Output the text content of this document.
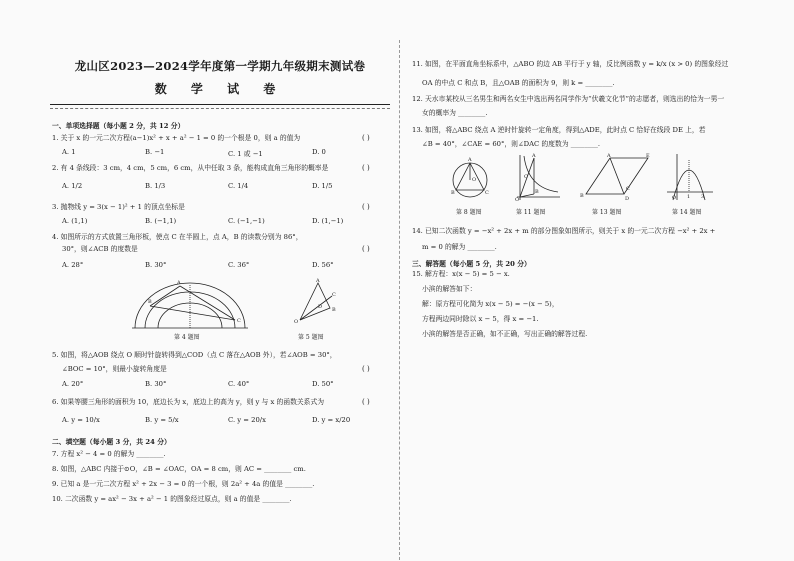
龙山区2023—2024学年度第一学期九年级期末测试卷
数 学 试 卷
一、单项选择题（每小题 2 分，共 12 分）
1. 关于 x 的一元二次方程(a−1)x² + x + a² − 1 = 0 的一个根是 0，则 a 的值为	( )
A. 1	B. −1	C. 1 或 −1	D. 0
2. 有 4 条线段：3 cm，4 cm，5 cm，6 cm，从中任取 3 条，能构成直角三角形的概率是	( )
A. 1/2	B. 1/3	C. 1/4	D. 1/5
3. 抛物线 y = 3(x − 1)² + 1 的顶点坐标是	( )
A. (1,1)	B. (−1,1)	C. (−1,−1)	D. (1,−1)
4. 如图所示的方式放置三角形板，使点 C 在半圆上，点 A，B 的读数分别为 86°，
30°，则∠ACB 的度数是	( )
A. 28°	B. 30°	C. 36°	D. 56°
A
B
C
第 4 题图
A
C
B
O
D
第 5 题图
5. 如图，将△AOB 绕点 O 顺时针旋转得到△COD（点 C 落在△AOB 外），若∠AOB = 30°，
∠BOC = 10°，则最小旋转角度是	( )
A. 20°	B. 30°	C. 40°	D. 50°
6. 如果等腰三角形的面积为 10，底边长为 x，底边上的高为 y，则 y 与 x 的函数关系式为	( )
A. y = 10/x	B. y = 5/x	C. y = 20/x	D. y = x/20
二、填空题（每小题 3 分，共 24 分）
7. 方程 x² − 4 = 0 的解为 ________.
8. 如图，△ABC 内接于⊙O，∠B = ∠OAC，OA = 8 cm，则 AC = ________ cm.
9. 已知 a 是一元二次方程 x² + 2x − 3 = 0 的一个根，则 2a² + 4a 的值是 ________.
10. 二次函数 y = ax² − 3x + a² − 1 的图象经过原点，则 a 的值是 ________.
11. 如图，在平面直角坐标系中，△ABO 的边 AB 平行于 y 轴，反比例函数 y = k/x (x > 0) 的图象经过
OA 的中点 C 和点 B，且△OAB 的面积为 9，则 k = ________.
12. 天水市某校从三名男生和两名女生中选出两名同学作为“伏羲文化节”的志愿者，则选出的恰为一男一
女的概率为 ________.
13. 如图，将△ABC 绕点 A 逆时针旋转一定角度，得到△ADE，此时点 C 恰好在线段 DE 上，若
∠B = 40°，∠CAE = 60°，则∠DAC 的度数为 ________.
A
B	C
O
A
B
C
O
A
B	D
E
C
O 1 3
第 8 题图	第 11 题图	第 13 题图	第 14 题图
14. 已知二次函数 y = −x² + 2x + m 的部分图象如图所示，则关于 x 的一元二次方程 −x² + 2x +
m = 0 的解为 ________.
三、解答题（每小题 5 分，共 20 分）
15. 解方程：x(x − 5) = 5 − x.
小滨的解答如下：
解：原方程可化简为 x(x − 5) = −(x − 5)，
方程两边同时除以 x − 5，得 x = −1.
小滨的解答是否正确，如不正确，写出正确的解答过程.
